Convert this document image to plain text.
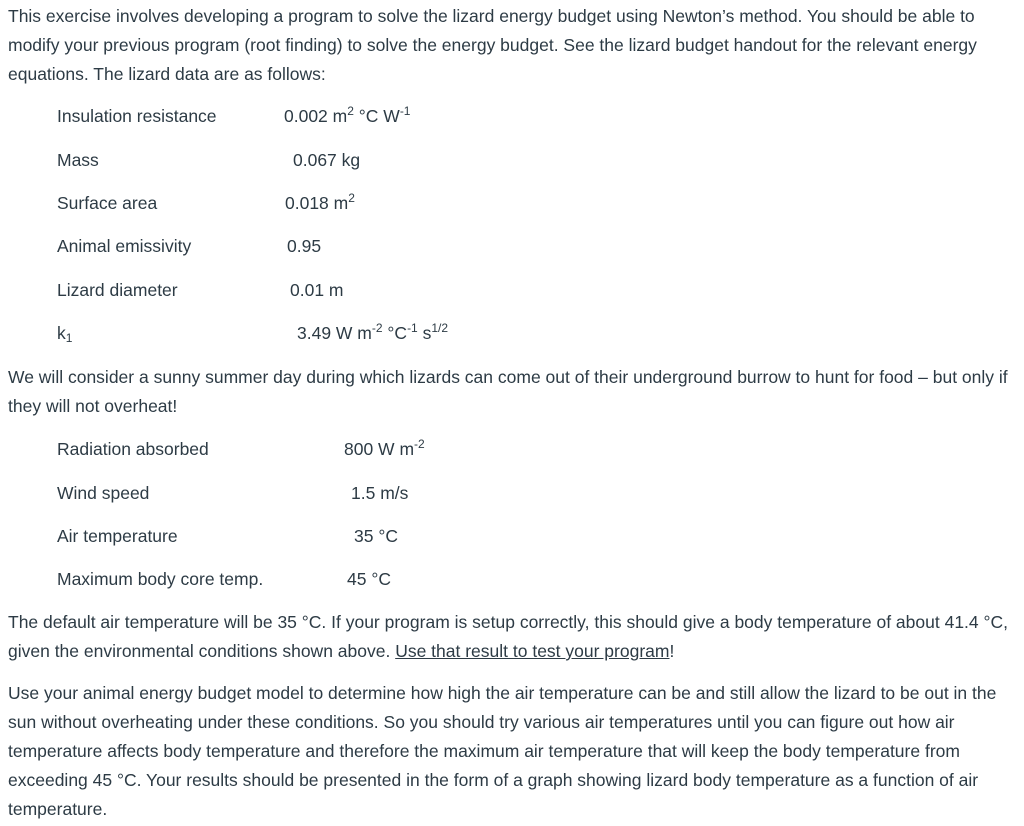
This exercise involves developing a program to solve the lizard energy budget using Newton’s method. You should be able to modify your previous program (root finding) to solve the energy budget. See the lizard budget handout for the relevant energy equations. The lizard data are as follows:

Insulation resistance	0.002 $m^2$ °C $W^{-1}$
Mass	0.067 kg
Surface area	0.018 $m^2$
Animal emissivity	0.95
Lizard diameter	0.01 m
$k_1$	3.49 W $m^{-2}$ $^\circ C^{-1}$ $s^{1/2}$

We will consider a sunny summer day during which lizards can come out of their underground burrow to hunt for food – but only if they will not overheat!

Radiation absorbed	800 W $m^{-2}$
Wind speed	1.5 m/s
Air temperature	35 °C
Maximum body core temp.	45 °C

The default air temperature will be 35 °C. If your program is setup correctly, this should give a body temperature of about 41.4 °C, given the environmental conditions shown above. Use that result to test your program!

Use your animal energy budget model to determine how high the air temperature can be and still allow the lizard to be out in the sun without overheating under these conditions. So you should try various air temperatures until you can figure out how air temperature affects body temperature and therefore the maximum air temperature that will keep the body temperature from exceeding 45 °C. Your results should be presented in the form of a graph showing lizard body temperature as a function of air temperature.
